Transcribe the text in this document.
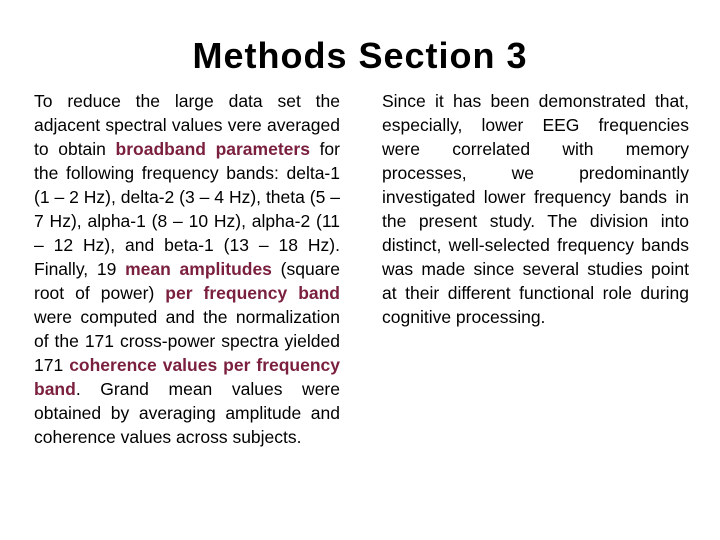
Methods Section 3
To reduce the large data set the adjacent spectral values vere averaged to obtain broadband parameters for the following frequency bands: delta-1 (1 – 2 Hz), delta-2 (3 – 4 Hz), theta (5 – 7 Hz), alpha-1 (8 – 10 Hz), alpha-2 (11 – 12 Hz), and beta-1 (13 – 18 Hz). Finally, 19 mean amplitudes (square root of power) per frequency band were computed and the normalization of the 171 cross-power spectra yielded 171 coherence values per frequency band. Grand mean values were obtained by averaging amplitude and coherence values across subjects.
Since it has been demonstrated that, especially, lower EEG frequencies were correlated with memory processes, we predominantly investigated lower frequency bands in the present study. The division into distinct, well-selected frequency bands was made since several studies point at their different functional role during cognitive processing.
